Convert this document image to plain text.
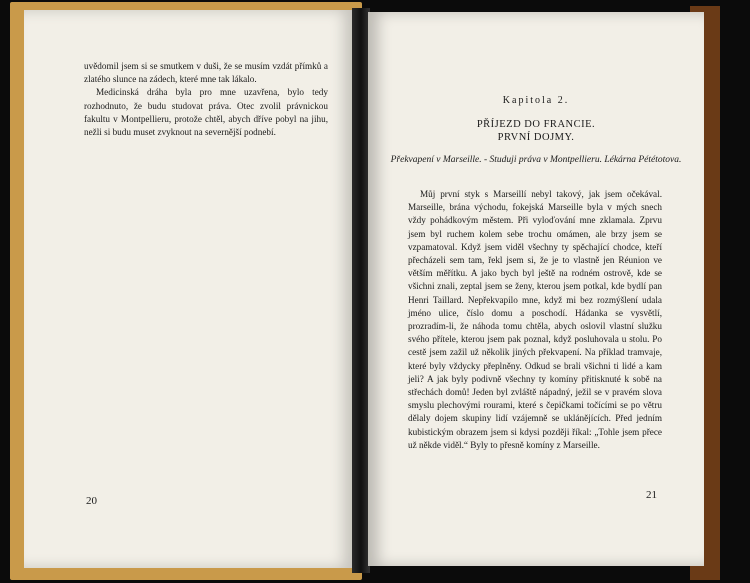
uvědomil jsem si se smutkem v duši, že se musím vzdát přímků a zlatého slunce na zádech, které mne tak lákalo.

Medicinská dráha byla pro mne uzavřena, bylo tedy rozhodnuto, že budu studovat práva. Otec zvolil právnickou fakultu v Montpellieru, protože chtěl, abych dříve pobyl na jihu, nežli si budu muset zvyknout na severnější podnebí.

20
Kapitola 2.
PŘÍJEZD DO FRANCIE.
PRVNÍ DOJMY.
Překvapení v Marseille. - Studuji práva v Montpellieru. Lékárna Pététotova.

Můj první styk s Marseillí nebyl takový, jak jsem očekával. Marseille, brána východu, fokejská Marseille byla v mých snech vždy pohádkovým městem. Při vyloďování mne zklamala. Zprvu jsem byl ruchem kolem sebe trochu omámen, ale brzy jsem se vzpamatoval. Když jsem viděl všechny ty spěchající chodce, kteří přecházeli sem tam, řekl jsem si, že je to vlastně jen Réunion ve větším měřítku. A jako bych byl ještě na rodném ostrově, kde se všichni znali, zeptal jsem se ženy, kterou jsem potkal, kde bydlí pan Henri Taillard. Nepřekvapilo mne, když mi bez rozmýšlení udala jméno ulice, číslo domu a poschodí. Hádanka se vysvětlí, prozradím-li, že náhoda tomu chtěla, abych oslovil vlastní služku svého přítele, kterou jsem pak poznal, když posluhovala u stolu. Po cestě jsem zažil už několik jiných překvapení. Na příklad tramvaje, které byly vždycky přeplněny. Odkud se brali všichni ti lidé a kam jeli? A jak byly podivně všechny ty komíny přitisknuté k sobě na střechách domů! Jeden byl zvláště nápadný, ježil se v pravém slova smyslu plechovými rourami, které s čepičkami točícími se po větru dělaly dojem skupiny lidí vzájemně se uklánějících. Před jedním kubistickým obrazem jsem si kdysi později říkal: „Tohle jsem přece už někde viděl.“ Byly to přesně komíny z Marseille.

21
